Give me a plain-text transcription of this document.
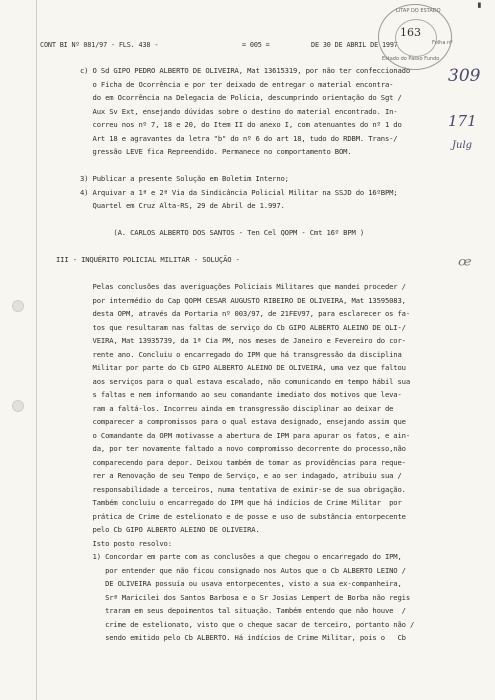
CONT BI Nº 081/97 - FLS. 438 -	= 005 =	DE 30 DE ABRIL DE 1997
LITAP DO ESTADO
Folha nº
Estado do Passo Fundo
163
▘
309
171
Julg
ꟹ
c) O Sd GIPO PEDRO ALBERTO DE OLIVEIRA, Mat 13615319, por não ter confeccionado
o Ficha de Ocorrência e por ter deixado de entregar o material encontra-
do em Ocorrência na Delegacia de Polícia, descumprindo orientação do Sgt /
Aux Sv Ext, ensejando dúvidas sobre o destino do material encontrado. In-
correu nos nº 7, 18 e 20, do Item II do anexo I, com atenuantes do nº 1 do
Art 18 e agravantes da letra "b" do nº 6 do art 18, tudo do RDBM. Trans-/
gressão LEVE fica Repreendido. Permanece no comportamento BOM.
3) Publicar a presente Solução em Boletim Interno;
4) Arquivar a 1ª e 2ª Via da Sindicância Policial Militar na SSJD do 16ºBPM;
Quartel em Cruz Alta-RS, 29 de Abril de 1.997.
(A. CARLOS ALBERTO DOS SANTOS - Ten Cel QOPM - Cmt 16º BPM )
III - INQUÉRITO POLICIAL MILITAR - SOLUÇÃO -
Pelas conclusões das averiguações Policiais Militares que mandei proceder /
por intermédio do Cap QOPM CESAR AUGUSTO RIBEIRO DE OLIVEIRA, Mat 13595083,
desta OPM, através da Portaria nº 003/97, de 21FEV97, para esclarecer os fa-
tos que resultaram nas faltas de serviço do Cb GIPO ALBERTO ALEINO DE OLI-/
VEIRA, Mat 13935739, da 1ª Cia PM, nos meses de Janeiro e Fevereiro do cor-
rente ano. Concluiu o encarregado do IPM que há transgressão da disciplina
Militar por parte do Cb GIPO ALBERTO ALEINO DE OLIVEIRA, uma vez que faltou
aos serviços para o qual estava escalado, não comunicando em tempo hábil sua
s faltas e nem informando ao seu comandante imediato dos motivos que leva-
ram a faltá-los. Incorreu ainda em transgressão disciplinar ao deixar de
comparecer a compromissos para o qual estava designado, ensejando assim que
o Comandante da OPM motivasse a abertura de IPM para apurar os fatos, e ain-
da, por ter novamente faltado a novo compromisso decorrente do processo,não
comparecendo para depor. Deixou também de tomar as providências para reque-
rer a Renovação de seu Tempo de Serviço, e ao ser indagado, atribuiu sua /
responsabilidade a terceiros, numa tentativa de eximir-se de sua obrigação.
Também concluiu o encarregado do IPM que há indícios de Crime Militar  por
prática de Crime de estelionato e de posse e uso de substância entorpecente
pelo Cb GIPO ALBERTO ALEINO DE OLIVEIRA.
Isto posto resolvo:
1) Concordar em parte com as conclusões a que chegou o encarregado do IPM,
por entender que não ficou consignado nos Autos que o Cb ALBERTO LEINO /
DE OLIVEIRA possuía ou usava entorpecentes, visto a sua ex-companheira,
Srª Maricilei dos Santos Barbosa e o Sr Josias Lempert de Borba não regis
traram em seus depoimentos tal situação. Também entendo que não houve  /
crime de estelionato, visto que o cheque sacar de terceiro, portanto não /
sendo emitido pelo Cb ALBERTO. Há indícios de Crime Militar, pois o   Cb
